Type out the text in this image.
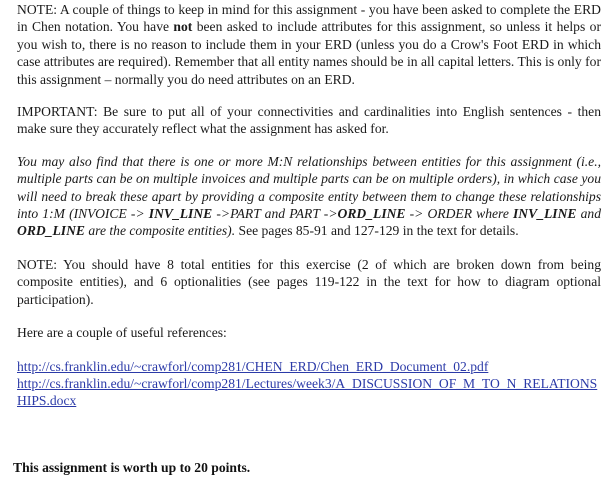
NOTE: A couple of things to keep in mind for this assignment - you have been asked to complete the ERD in Chen notation. You have not been asked to include attributes for this assignment, so unless it helps or you wish to, there is no reason to include them in your ERD (unless you do a Crow's Foot ERD in which case attributes are required). Remember that all entity names should be in all capital letters. This is only for this assignment – normally you do need attributes on an ERD.

IMPORTANT: Be sure to put all of your connectivities and cardinalities into English sentences - then make sure they accurately reflect what the assignment has asked for.

You may also find that there is one or more M:N relationships between entities for this assignment (i.e., multiple parts can be on multiple invoices and multiple parts can be on multiple orders), in which case you will need to break these apart by providing a composite entity between them to change these relationships into 1:M (INVOICE -> INV_LINE ->PART and PART ->ORD_LINE -> ORDER where INV_LINE and ORD_LINE are the composite entities). See pages 85-91 and 127-129 in the text for details.

NOTE: You should have 8 total entities for this exercise (2 of which are broken down from being composite entities), and 6 optionalities (see pages 119-122 in the text for how to diagram optional participation).

Here are a couple of useful references:

http://cs.franklin.edu/~crawforl/comp281/CHEN_ERD/Chen_ERD_Document_02.pdf
http://cs.franklin.edu/~crawforl/comp281/Lectures/week3/A_DISCUSSION_OF_M_TO_N_RELATIONSHIPS.docx
This assignment is worth up to 20 points.
